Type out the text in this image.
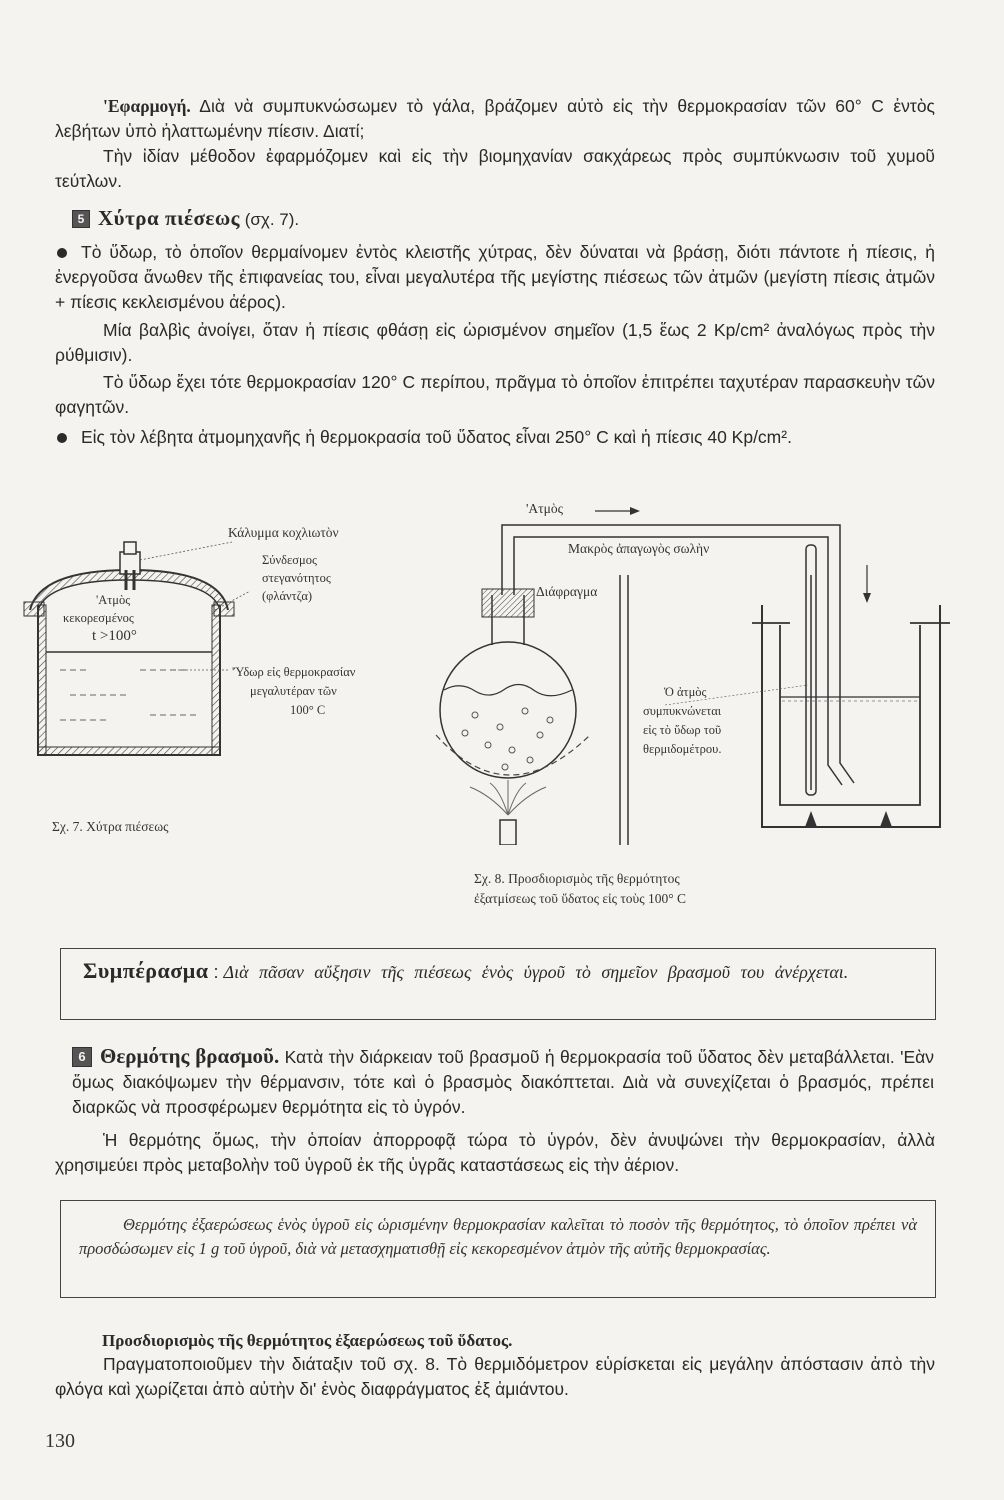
'Εφαρμογή. Διὰ νὰ συμπυκνώσωμεν τὸ γάλα, βράζομεν αὐτὸ εἰς τὴν θερμοκρασίαν τῶν 60° C ἐντὸς λεβήτων ὑπὸ ἠλαττωμένην πίεσιν. Διατί;

Τὴν ἰδίαν μέθοδον ἐφαρμόζομεν καὶ εἰς τὴν βιομηχανίαν σακχάρεως πρὸς συμπύκνωσιν τοῦ χυμοῦ τεύτλων.

5 Χύτρα πιέσεως (σχ. 7).

Τὸ ὕδωρ, τὸ ὁποῖον θερμαίνομεν ἐντὸς κλειστῆς χύτρας, δὲν δύναται νὰ βράσῃ, διότι πάντοτε ἡ πίεσις, ἡ ἐνεργοῦσα ἄνωθεν τῆς ἐπιφανείας του, εἶναι μεγαλυτέρα τῆς μεγίστης πιέσεως τῶν ἀτμῶν (μεγίστη πίεσις ἀτμῶν + πίεσις κεκλεισμένου ἀέρος).

Μία βαλβὶς ἀνοίγει, ὅταν ἡ πίεσις φθάσῃ εἰς ὡρισμένον σημεῖον (1,5 ἕως 2 Kp/cm² ἀναλόγως πρὸς τὴν ρύθμισιν).

Τὸ ὕδωρ ἔχει τότε θερμοκρασίαν 120° C περίπου, πρᾶγμα τὸ ὁποῖον ἐπιτρέπει ταχυτέραν παρασκευὴν τῶν φαγητῶν.

Εἰς τὸν λέβητα ἀτμομηχανῆς ἡ θερμοκρασία τοῦ ὕδατος εἶναι 250° C καὶ ἡ πίεσις 40 Kp/cm².

'Ατμὸς
κεκορεσμένος
t >100°
Κάλυμμα κοχλιωτὸν
Σύνδεσμος
στεγανότητος
(φλάντζα)
'Ύδωρ εἰς θερμοκρασίαν
μεγαλυτέραν τῶν
100° C
Σχ. 7. Χύτρα πιέσεως
'Ατμὸς
Μακρὸς ἀπαγωγὸς σωλὴν
Διάφραγμα
Ὁ ἀτμὸς
συμπυκνώνεται
εἰς τὸ ὕδωρ τοῦ
θερμιδομέτρου.
Σχ. 8. Προσδιορισμὸς τῆς θερμότητος
ἐξατμίσεως τοῦ ὕδατος εἰς τοὺς 100° C

Συμπέρασμα : Διὰ πᾶσαν αὔξησιν τῆς πιέσεως ἑνὸς ὑγροῦ τὸ σημεῖον βρασμοῦ του ἀνέρχεται.

6 Θερμότης βρασμοῦ. Κατὰ τὴν διάρκειαν τοῦ βρασμοῦ ἡ θερμοκρασία τοῦ ὕδατος δὲν μεταβάλλεται. 'Εὰν ὅμως διακόψωμεν τὴν θέρμανσιν, τότε καὶ ὁ βρασμὸς διακόπτεται. Διὰ νὰ συνεχίζεται ὁ βρασμός, πρέπει διαρκῶς νὰ προσφέρωμεν θερμότητα εἰς τὸ ὑγρόν.

Ἡ θερμότης ὅμως, τὴν ὁποίαν ἀπορροφᾷ τώρα τὸ ὑγρόν, δὲν ἀνυψώνει τὴν θερμοκρασίαν, ἀλλὰ χρησιμεύει πρὸς μεταβολὴν τοῦ ὑγροῦ ἐκ τῆς ὑγρᾶς καταστάσεως εἰς τὴν ἀέριον.

Θερμότης ἐξαερώσεως ἑνὸς ὑγροῦ εἰς ὡρισμένην θερμοκρασίαν καλεῖται τὸ ποσὸν τῆς θερμότητος, τὸ ὁποῖον πρέπει νὰ προσδώσωμεν εἰς 1 g τοῦ ὑγροῦ, διὰ νὰ μετασχηματισθῇ εἰς κεκορεσμένον ἀτμὸν τῆς αὐτῆς θερμοκρασίας.

Προσδιορισμὸς τῆς θερμότητος ἐξαερώσεως τοῦ ὕδατος.

Πραγματοποιοῦμεν τὴν διάταξιν τοῦ σχ. 8. Τὸ θερμιδόμετρον εὑρίσκεται εἰς μεγάλην ἀπόστασιν ἀπὸ τὴν φλόγα καὶ χωρίζεται ἀπὸ αὐτὴν δι' ἑνὸς διαφράγματος ἐξ ἀμιάντου.

130
